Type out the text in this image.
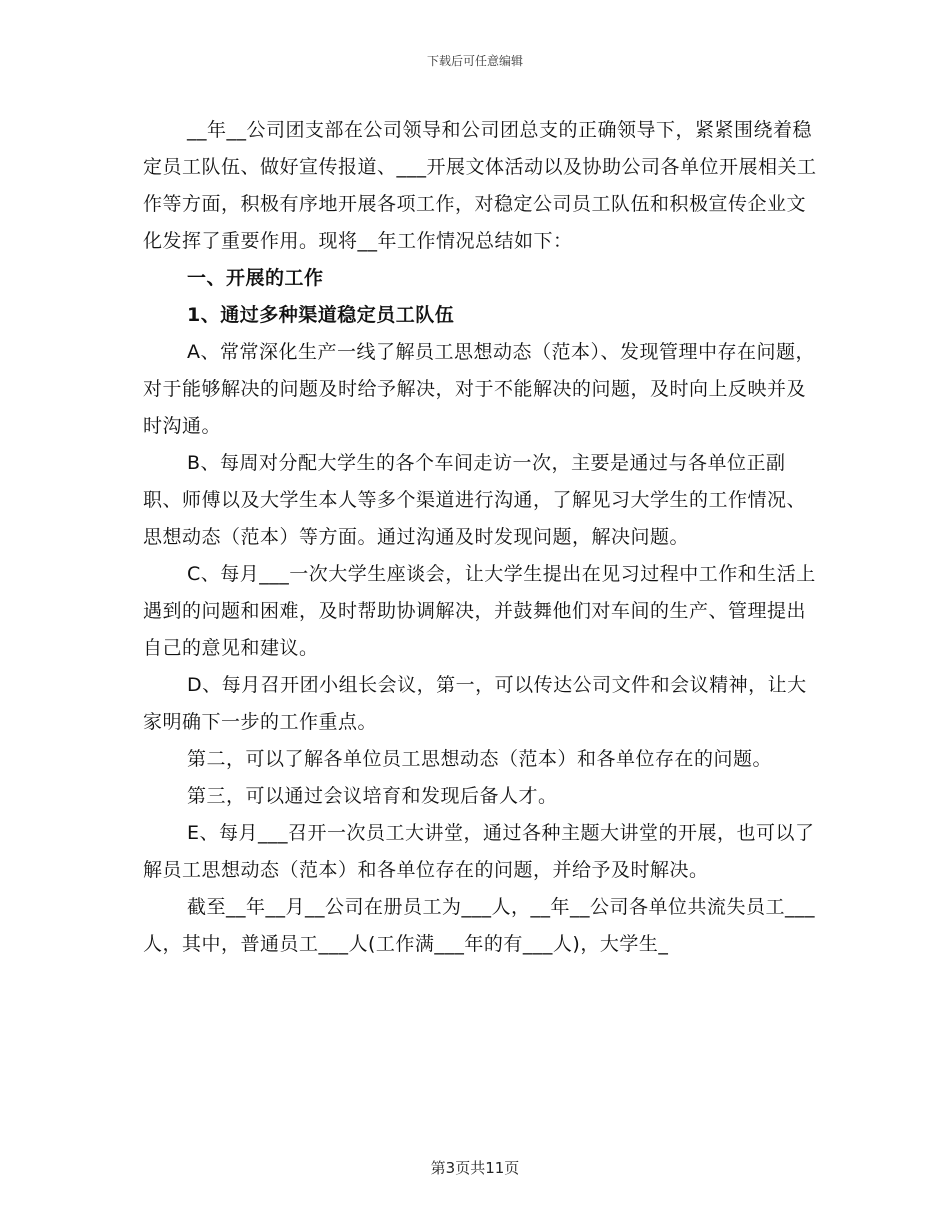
下载后可任意编辑

__年__公司团支部在公司领导和公司团总支的正确领导下，紧紧围绕着稳定员工队伍、做好宣传报道、___开展文体活动以及协助公司各单位开展相关工作等方面，积极有序地开展各项工作，对稳定公司员工队伍和积极宣传企业文化发挥了重要作用。现将__年工作情况总结如下：

一、开展的工作

1、通过多种渠道稳定员工队伍

A、常常深化生产一线了解员工思想动态（范本）、发现管理中存在问题，对于能够解决的问题及时给予解决，对于不能解决的问题，及时向上反映并及时沟通。

B、每周对分配大学生的各个车间走访一次，主要是通过与各单位正副职、师傅以及大学生本人等多个渠道进行沟通，了解见习大学生的工作情况、思想动态（范本）等方面。通过沟通及时发现问题，解决问题。

C、每月___一次大学生座谈会，让大学生提出在见习过程中工作和生活上遇到的问题和困难，及时帮助协调解决，并鼓舞他们对车间的生产、管理提出自己的意见和建议。

D、每月召开团小组长会议，第一，可以传达公司文件和会议精神，让大家明确下一步的工作重点。

第二，可以了解各单位员工思想动态（范本）和各单位存在的问题。

第三，可以通过会议培育和发现后备人才。

E、每月___召开一次员工大讲堂，通过各种主题大讲堂的开展，也可以了解员工思想动态（范本）和各单位存在的问题，并给予及时解决。

截至__年__月__公司在册员工为___人，__年__公司各单位共流失员工___人，其中，普通员工___人(工作满___年的有___人)，大学生_

第3页共11页
